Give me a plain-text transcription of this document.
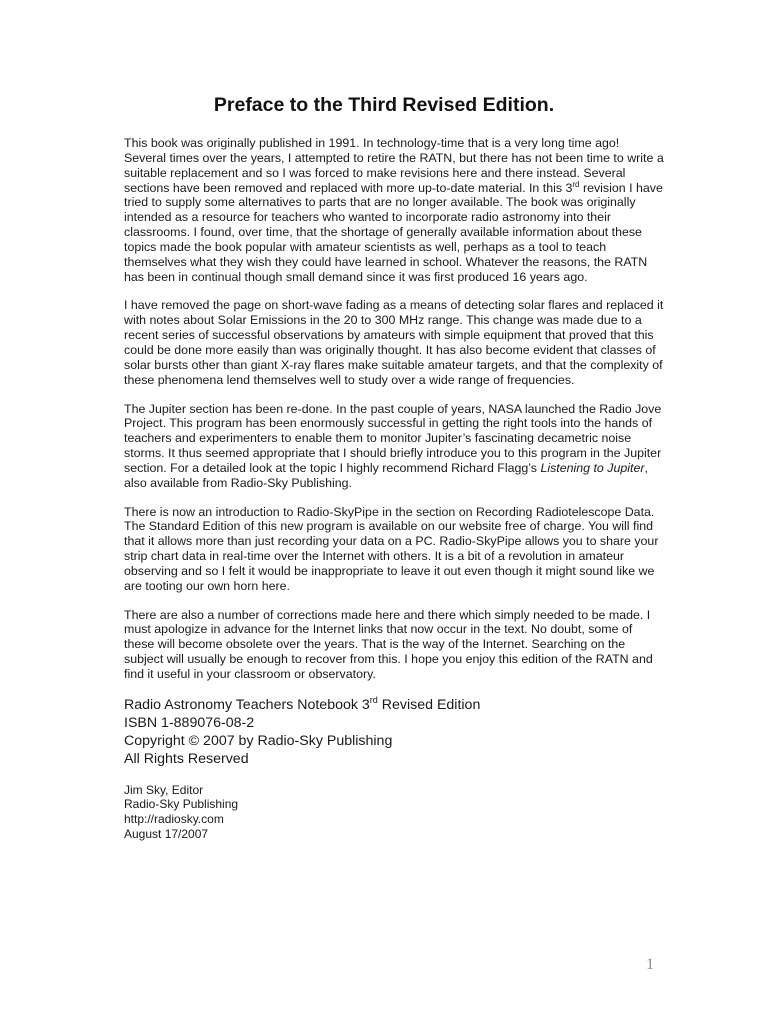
Preface to the Third Revised Edition.

This book was originally published in 1991. In technology-time that is a very long time ago! Several times over the years, I attempted to retire the RATN, but there has not been time to write a suitable replacement and so I was forced to make revisions here and there instead. Several sections have been removed and replaced with more up-to-date material. In this 3rd revision I have tried to supply some alternatives to parts that are no longer available. The book was originally intended as a resource for teachers who wanted to incorporate radio astronomy into their classrooms. I found, over time, that the shortage of generally available information about these topics made the book popular with amateur scientists as well, perhaps as a tool to teach themselves what they wish they could have learned in school. Whatever the reasons, the RATN has been in continual though small demand since it was first produced 16 years ago.

I have removed the page on short-wave fading as a means of detecting solar flares and replaced it with notes about Solar Emissions in the 20 to 300 MHz range. This change was made due to a recent series of successful observations by amateurs with simple equipment that proved that this could be done more easily than was originally thought. It has also become evident that classes of solar bursts other than giant X-ray flares make suitable amateur targets, and that the complexity of these phenomena lend themselves well to study over a wide range of frequencies.

The Jupiter section has been re-done. In the past couple of years, NASA launched the Radio Jove Project. This program has been enormously successful in getting the right tools into the hands of teachers and experimenters to enable them to monitor Jupiter’s fascinating decametric noise storms. It thus seemed appropriate that I should briefly introduce you to this program in the Jupiter section. For a detailed look at the topic I highly recommend Richard Flagg’s Listening to Jupiter, also available from Radio-Sky Publishing.

There is now an introduction to Radio-SkyPipe in the section on Recording Radiotelescope Data. The Standard Edition of this new program is available on our website free of charge. You will find that it allows more than just recording your data on a PC. Radio-SkyPipe allows you to share your strip chart data in real-time over the Internet with others. It is a bit of a revolution in amateur observing and so I felt it would be inappropriate to leave it out even though it might sound like we are tooting our own horn here.

There are also a number of corrections made here and there which simply needed to be made. I must apologize in advance for the Internet links that now occur in the text. No doubt, some of these will become obsolete over the years. That is the way of the Internet. Searching on the subject will usually be enough to recover from this. I hope you enjoy this edition of the RATN and find it useful in your classroom or observatory.

Radio Astronomy Teachers Notebook 3rd Revised Edition
ISBN 1-889076-08-2
Copyright © 2007 by Radio-Sky Publishing
All Rights Reserved
Jim Sky, Editor
Radio-Sky Publishing
http://radiosky.com
August 17/2007
1
